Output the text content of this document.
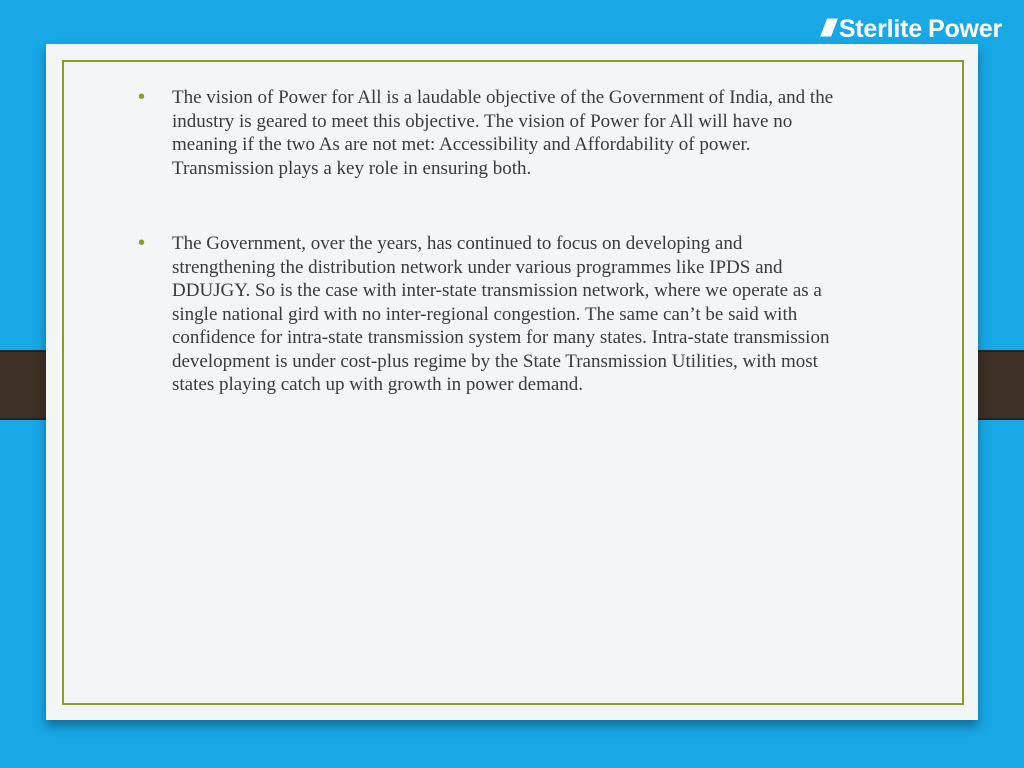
//// Sterlite Power
• The vision of Power for All is a laudable objective of the Government of India, and the industry is geared to meet this objective. The vision of Power for All will have no meaning if the two As are not met: Accessibility and Affordability of power. Transmission plays a key role in ensuring both.
• The Government, over the years, has continued to focus on developing and strengthening the distribution network under various programmes like IPDS and DDUJGY. So is the case with inter-state transmission network, where we operate as a single national gird with no inter-regional congestion. The same can’t be said with confidence for intra-state transmission system for many states. Intra-state transmission development is under cost-plus regime by the State Transmission Utilities, with most states playing catch up with growth in power demand.
